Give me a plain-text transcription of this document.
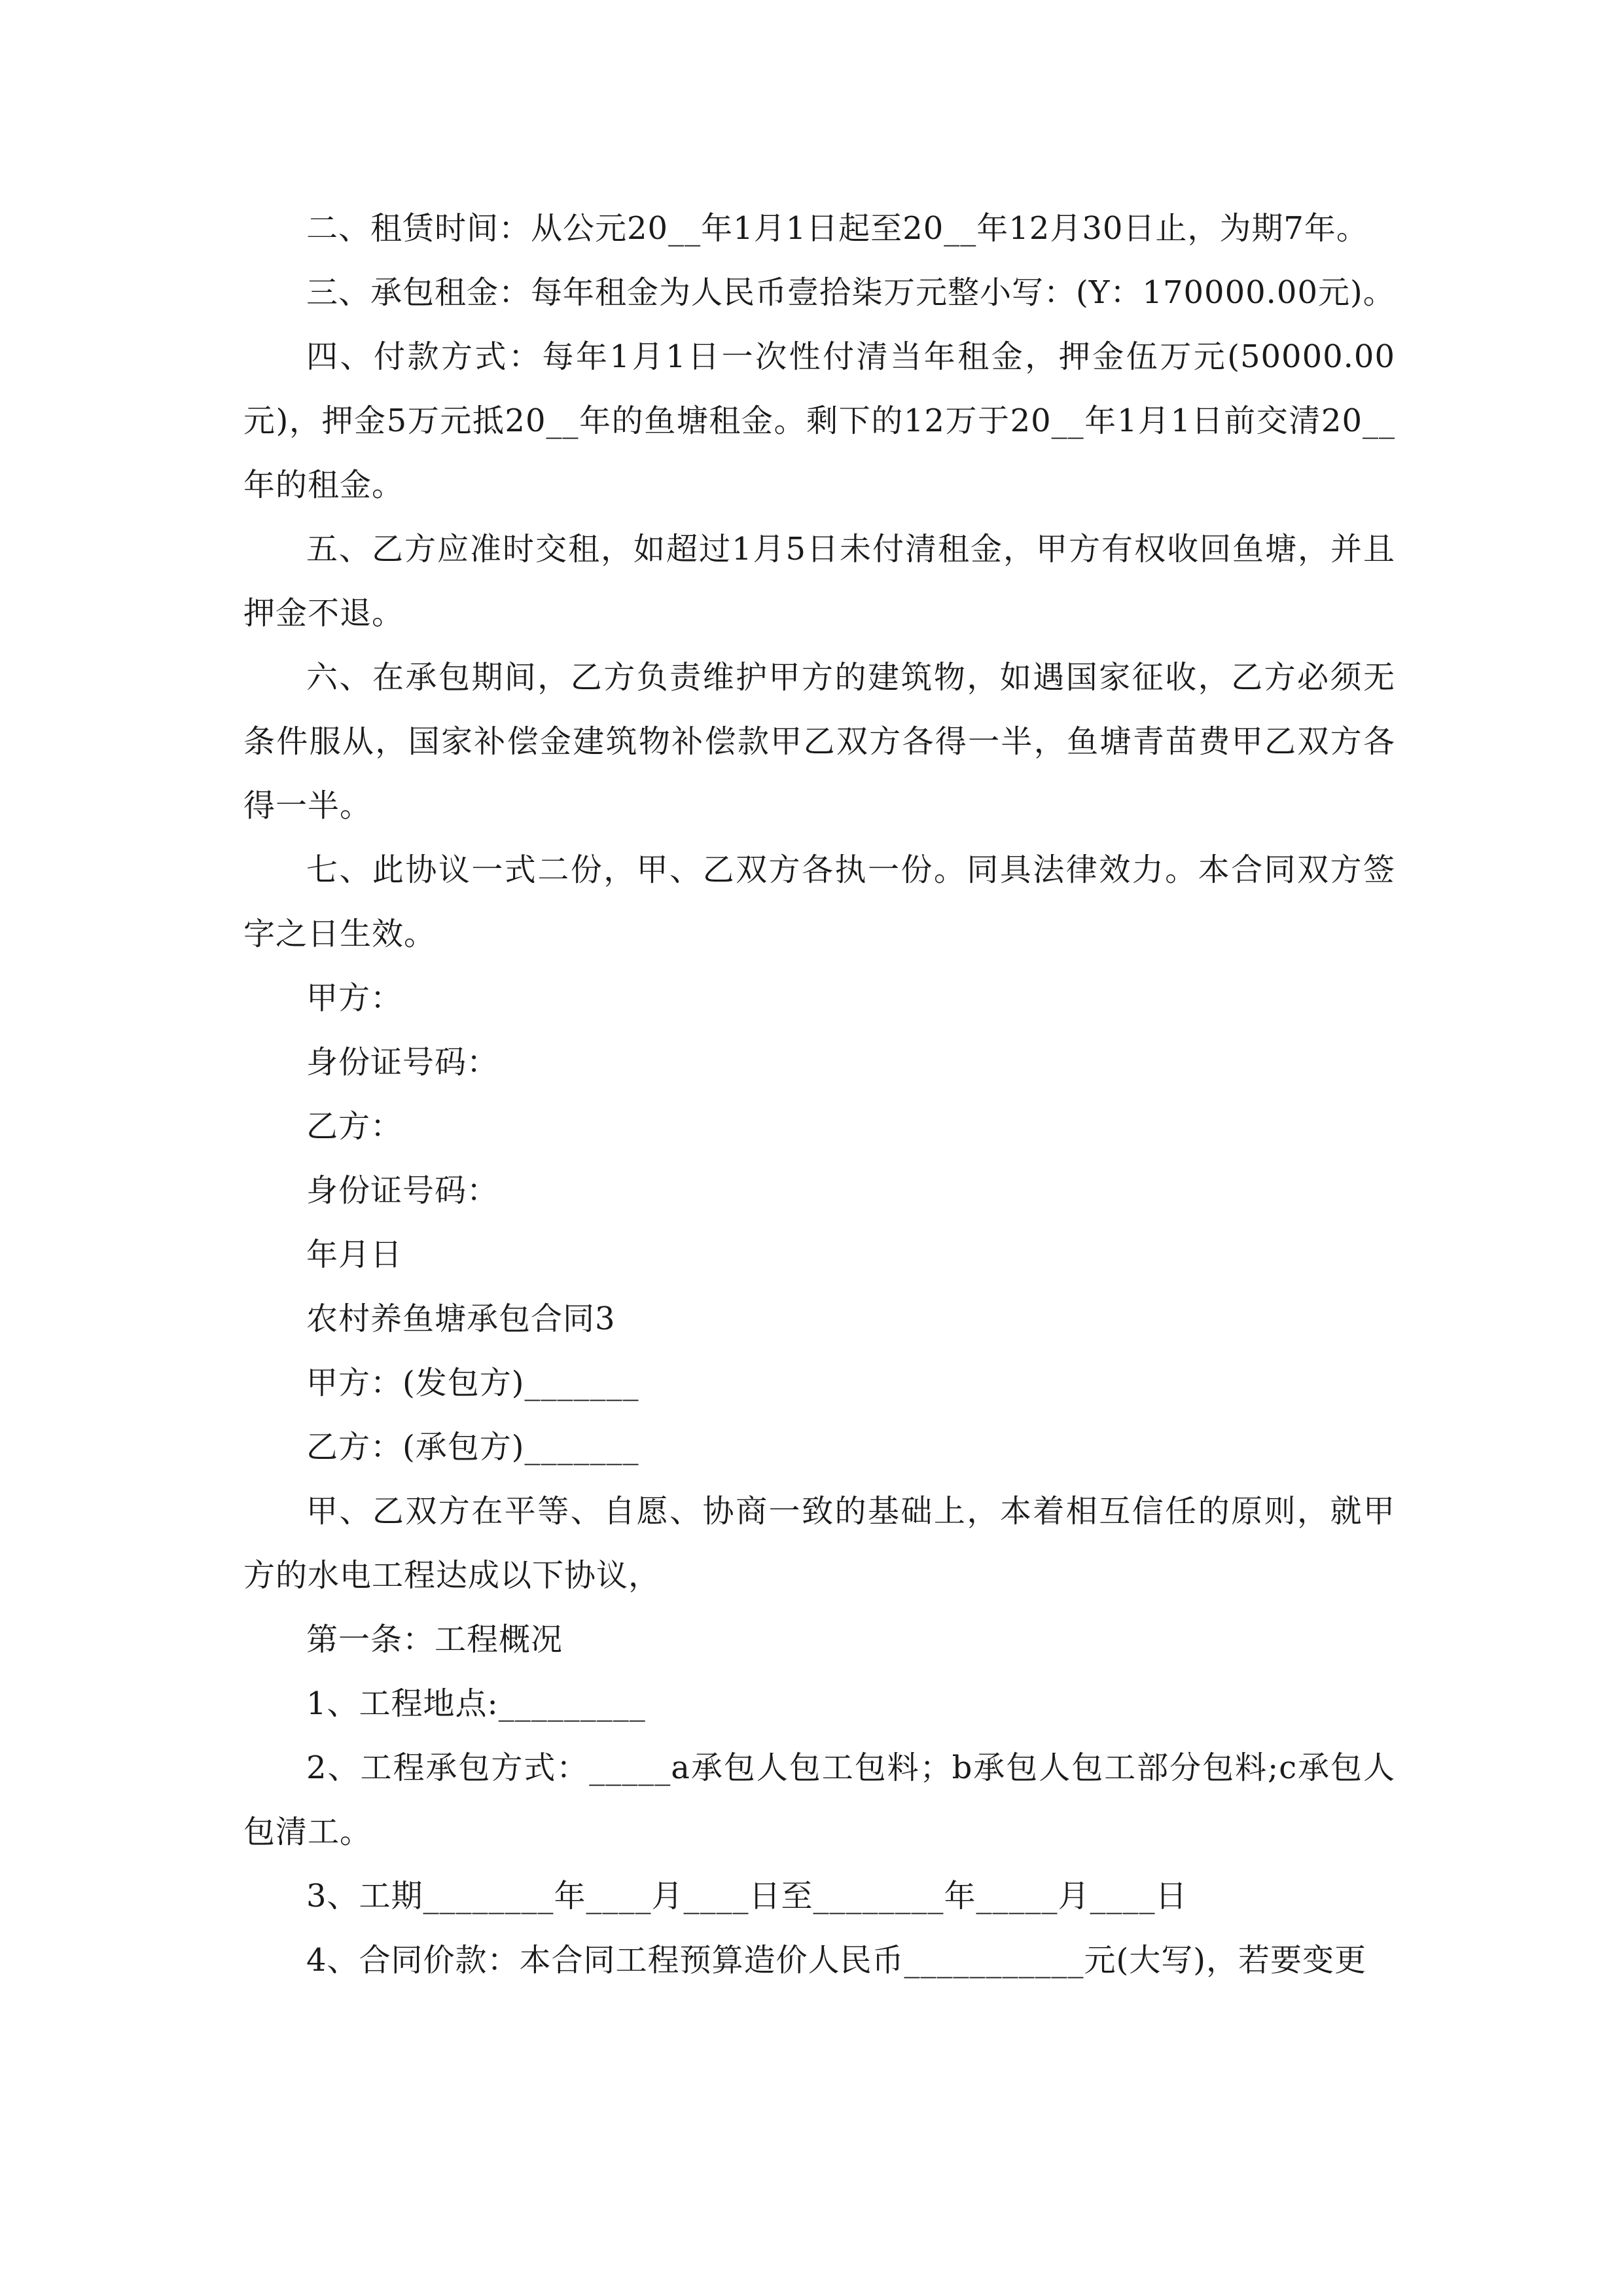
二、租赁时间：从公元20__年1月1日起至20__年12月30日止，为期7年。

三、承包租金：每年租金为人民币壹拾柒万元整小写：(Y：170000.00元)。

四、付款方式：每年1月1日一次性付清当年租金，押金伍万元(50000.00元)，押金5万元抵20__年的鱼塘租金。剩下的12万于20__年1月1日前交清20__年的租金。

五、乙方应准时交租，如超过1月5日未付清租金，甲方有权收回鱼塘，并且押金不退。

六、在承包期间，乙方负责维护甲方的建筑物，如遇国家征收，乙方必须无条件服从，国家补偿金建筑物补偿款甲乙双方各得一半，鱼塘青苗费甲乙双方各得一半。

七、此协议一式二份，甲、乙双方各执一份。同具法律效力。本合同双方签字之日生效。

甲方：

身份证号码：

乙方：

身份证号码：

年月日

农村养鱼塘承包合同3

甲方：(发包方)_______

乙方：(承包方)_______

甲、乙双方在平等、自愿、协商一致的基础上，本着相互信任的原则，就甲方的水电工程达成以下协议，

第一条：工程概况

1、工程地点:_________

2、工程承包方式：_____a承包人包工包料；b承包人包工部分包料;c承包人包清工。

3、工期________年____月____日至________年_____月____日

4、合同价款：本合同工程预算造价人民币___________元(大写)，若要变更
